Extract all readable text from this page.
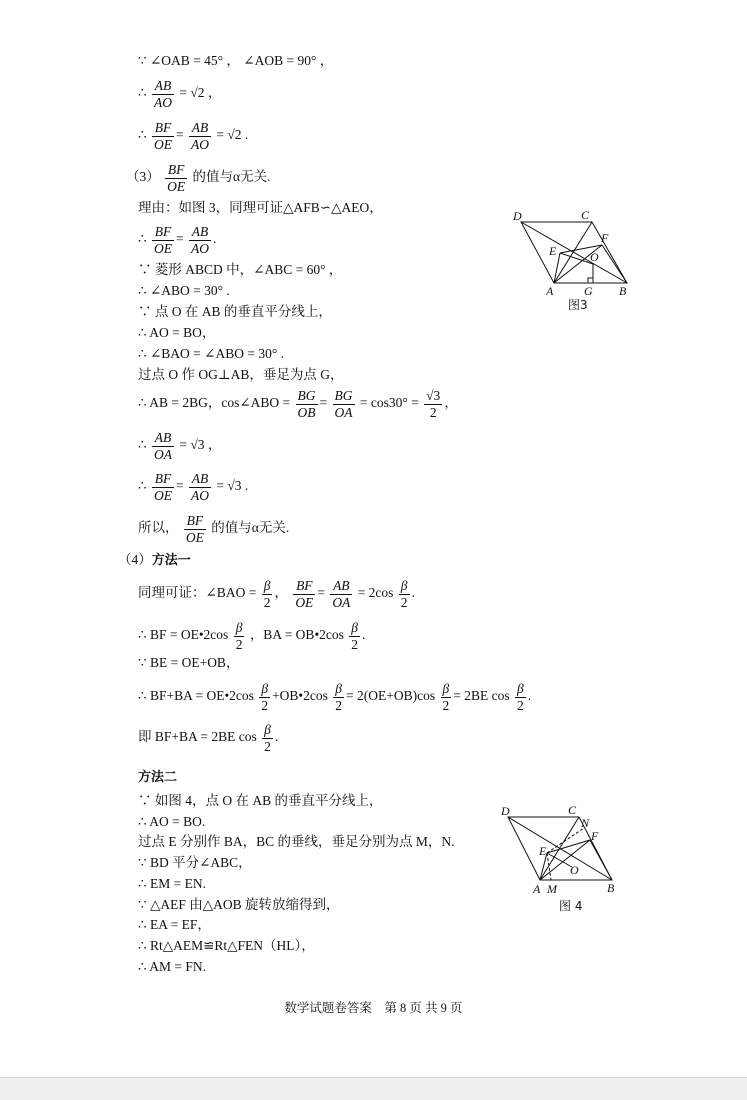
∵ ∠OAB = 45° ， ∠AOB = 90° ，
∴ $\frac{AB}{AO} = √2$ ，
∴ $\frac{BF}{OE} = \frac{AB}{AO} = √2$ .
$(3) \frac{BF}{OE}$ 的值与α无关.
理由：如图 3，同理可证△AFB∽△AEO，
∴ $\frac{BF}{OE} = \frac{AB}{AO}$ .
∵ 菱形 ABCD 中，∠ABC = 60° ，
∴ ∠ABO = 30° .
∵ 点 O 在 AB 的垂直平分线上，
∴ AO = BO，
∴ ∠BAO = ∠ABO = 30° .
过点 O 作 OG⊥AB，垂足为点 G，
∴ AB = 2BG，cos∠ABO = $\frac{BG}{OB} = \frac{BG}{OA} = \cos 30^\circ = \frac{√3}{2}$ ，
∴ $\frac{AB}{OA} = √3$ ，
∴ $\frac{BF}{OE} = \frac{AB}{AO} = √3$ .
所以， $\frac{BF}{OE}$ 的值与α无关.
（4）方法一
同理可证：∠BAO = $\frac{\beta}{2}$ ， $\frac{BF}{OE} = \frac{AB}{OA} = 2\cos \frac{\beta}{2}$ .
∴ BF = OE•2cos $\frac{\beta}{2}$ ，BA = OB•2cos $\frac{\beta}{2}$ .
∵ BE = OE+OB，
∴ BF+BA = OE•2cos $\frac{\beta}{2}$ +OB•2cos $\frac{\beta}{2} = 2(OE+OB)\cos \frac{\beta}{2} = 2BE$ $\cos \frac{\beta}{2}$ .
即 BF+BA = 2BE $\cos \frac{\beta}{2}$ .
方法二
∵ 如图 4，点 O 在 AB 的垂直平分线上，
∴ AO = BO.
过点 E 分别作 BA，BC 的垂线，垂足分别为点 M，N.
∵ BD 平分∠ABC，
∴ EM = EN.
∵ △AEF 由△AOB 旋转放缩得到，
∴ EA = EF，
∴ Rt△AEM≌Rt△FEN（HL），
∴ AM = FN.
D	C
E
F
O
A	G B
图3
D	C
N
F
E
O
A M	B
图 4
数学试题卷答案　第 8 页 共 9 页
